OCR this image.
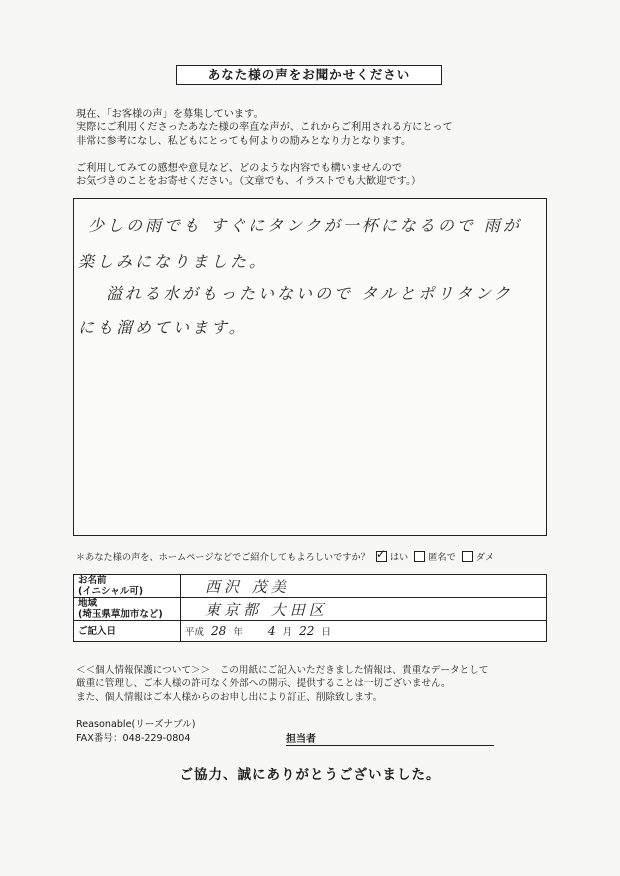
あなた様の声をお聞かせください

現在、「お客様の声」を募集しています。

実際にご利用くださったあなた様の率直な声が、これからご利用される方にとって

非常に参考になし、私どもにとっても何よりの励みとなり力となります。

ご利用してみての感想や意見など、どのような内容でも構いませんので

お気づきのことをお寄せください。（文章でも、イラストでも大歓迎です。）

少しの雨でも すぐにタンクが一杯になるので 雨が
楽しみになりました。
溢れる水がもったいないので タルとポリタンク
にも溜めています。
＊あなた様の声を、ホームページなどでご紹介してもよろしいですか？ ✓ はい 匿名で ダメ
お名前
(イニシャル可)	西沢 茂美

地域
(埼玉県草加市など)	東京都 大田区
ご記入日	平成 28 年 4 月 22 日

＜＜個人情報保護について＞＞　この用紙にご記入いただきました情報は、貴重なデータとして

厳重に管理し、ご本人様の許可なく外部への開示、提供することは一切ございません。

また、個人情報はご本人様からのお申し出により訂正、削除致します。

Reasonable(リーズナブル)

FAX番号：048-229-0804	担当者
ご協力、誠にありがとうございました。
